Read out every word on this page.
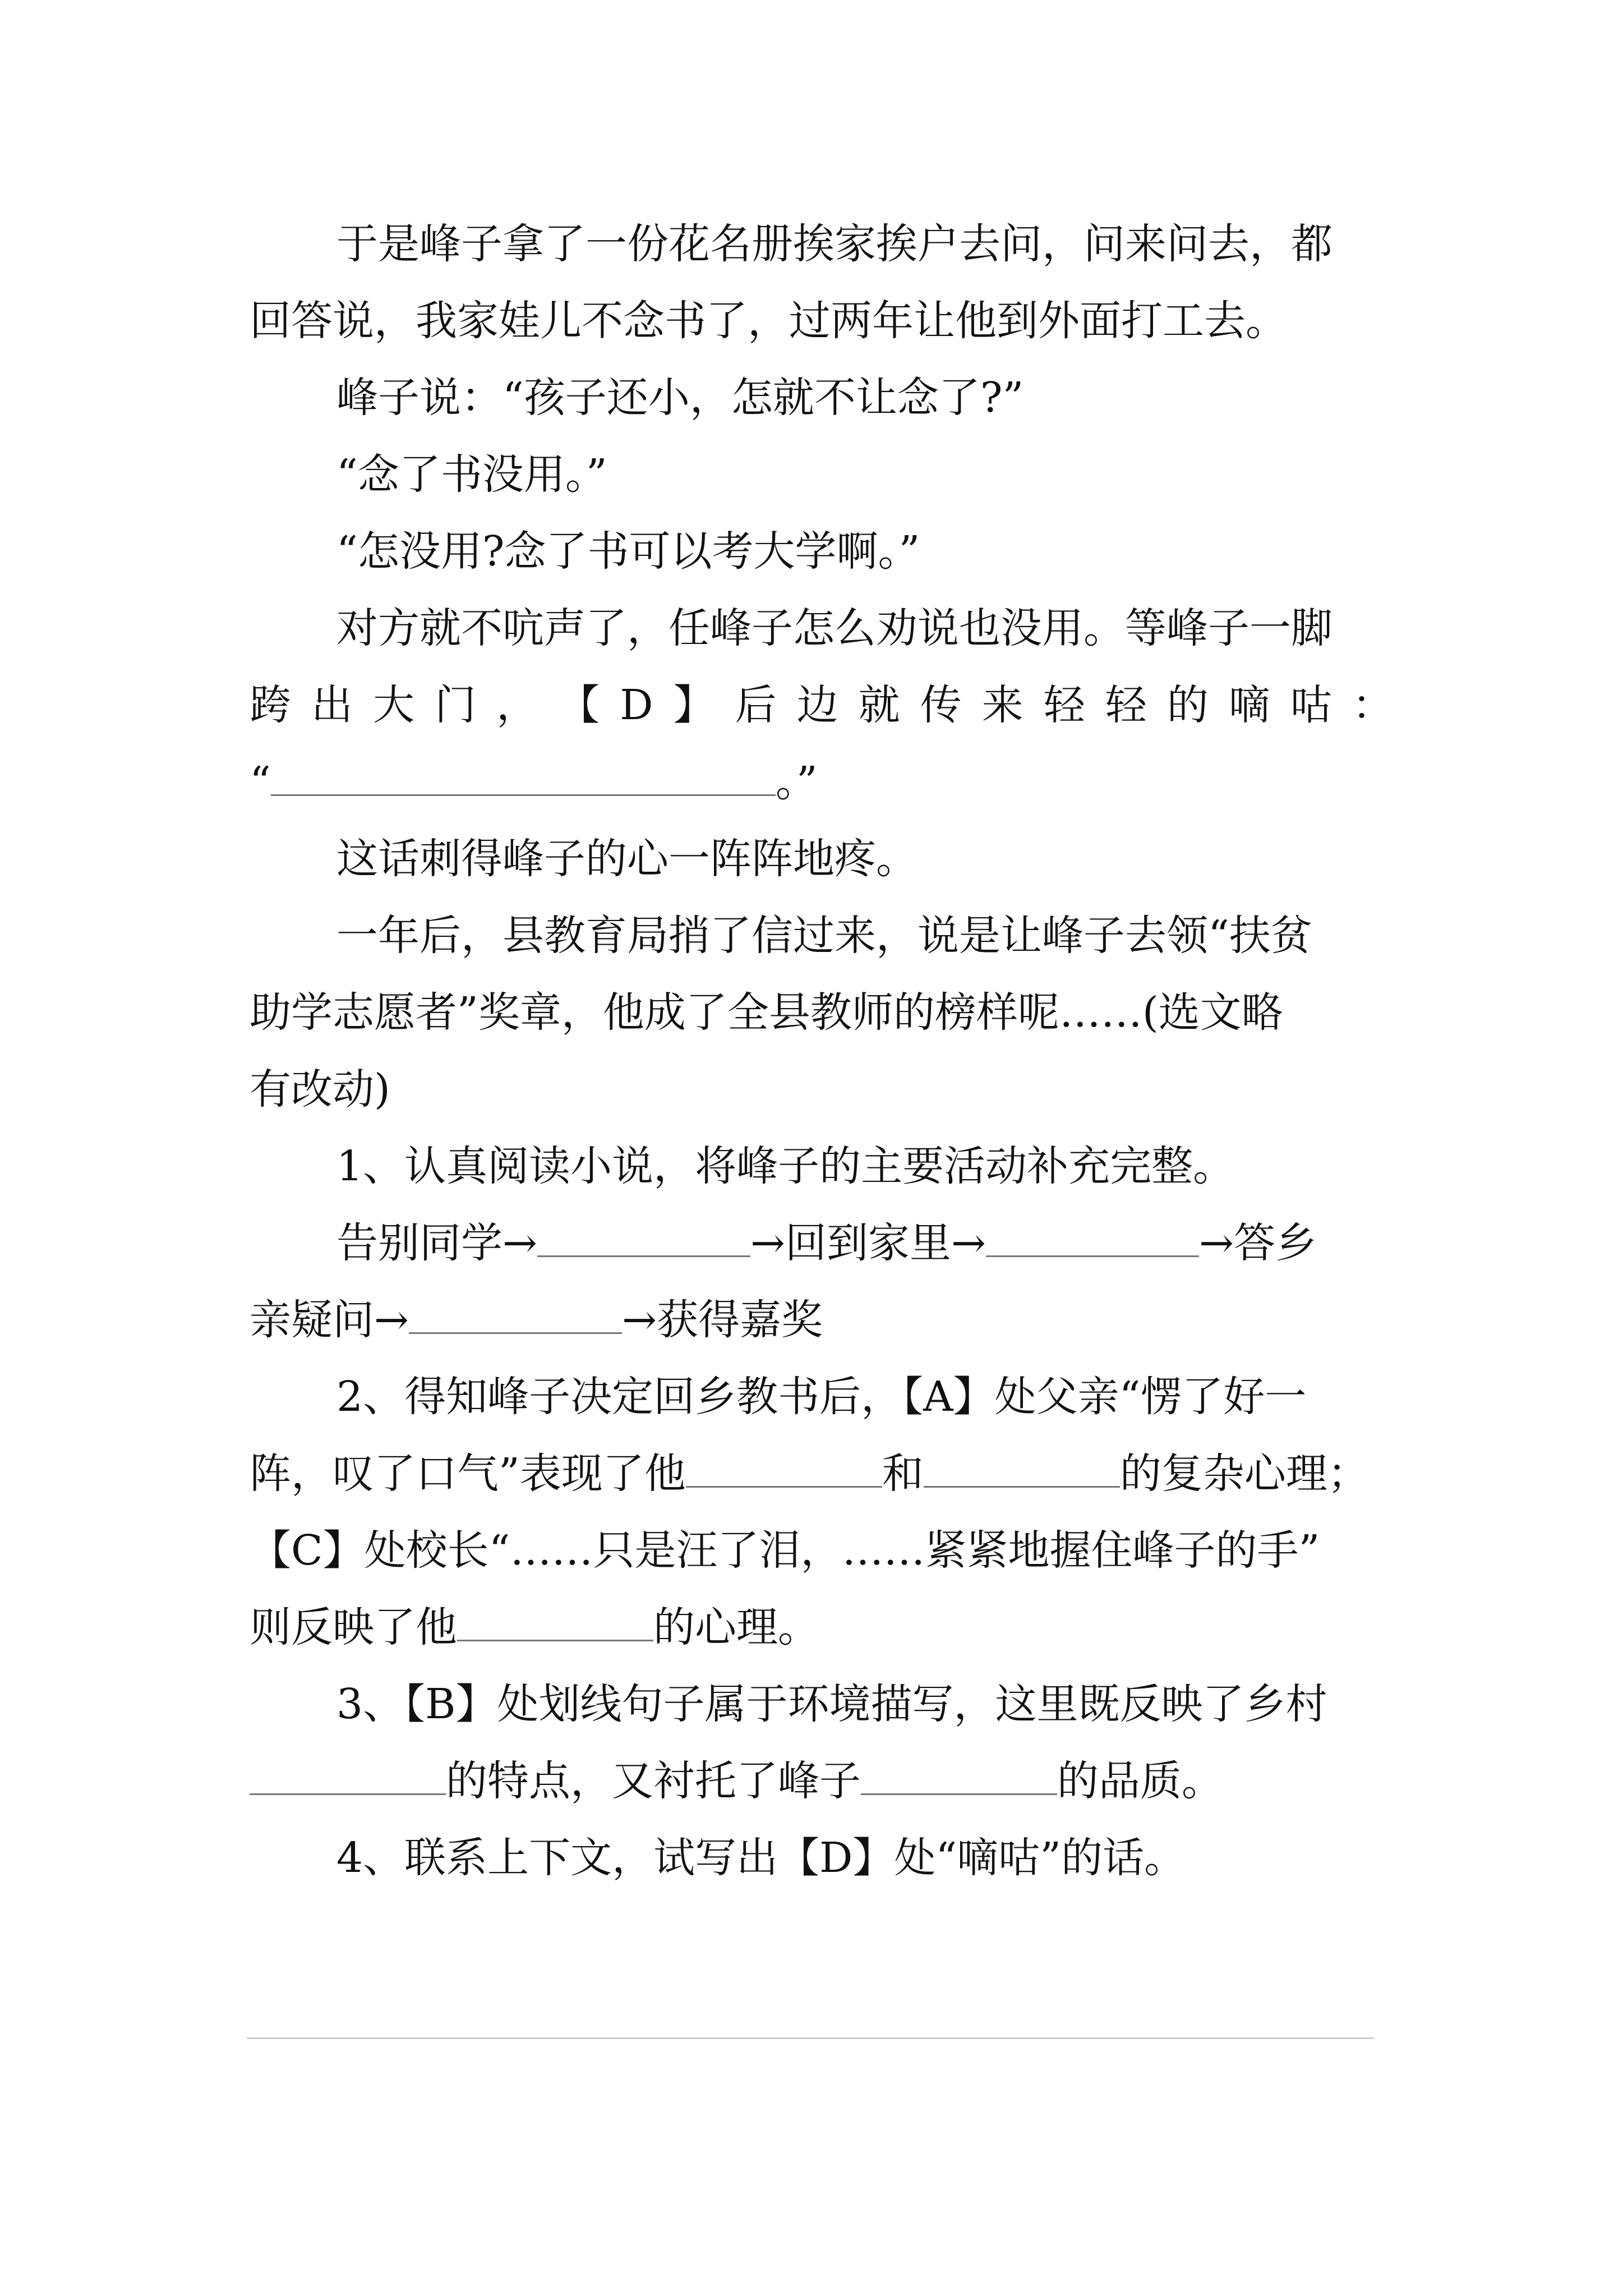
于是峰子拿了一份花名册挨家挨户去问，问来问去，都
回答说，我家娃儿不念书了，过两年让他到外面打工去。
峰子说：“孩子还小，怎就不让念了?”
“念了书没用。”
“怎没用?念了书可以考大学啊。”
对方就不吭声了，任峰子怎么劝说也没用。等峰子一脚
跨 出 大 门 ， 【 D 】 后 边 就 传 来 轻 轻 的 嘀 咕 ：
“	。”
这话刺得峰子的心一阵阵地疼。
一年后，县教育局捎了信过来，说是让峰子去领“扶贫
助学志愿者”奖章，他成了全县教师的榜样呢……(选文略
有改动)
1、认真阅读小说，将峰子的主要活动补充完整。
告别同学→	→回到家里→	→答乡
亲疑问→	→获得嘉奖
2、得知峰子决定回乡教书后，【A】处父亲“愣了好一
阵，叹了口气”表现了他	和	的复杂心理；
【C】处校长“……只是汪了泪，……紧紧地握住峰子的手”
则反映了他	的心理。
3、【B】处划线句子属于环境描写，这里既反映了乡村
的特点，又衬托了峰子	的品质。
4、联系上下文，试写出【D】处“嘀咕”的话。
